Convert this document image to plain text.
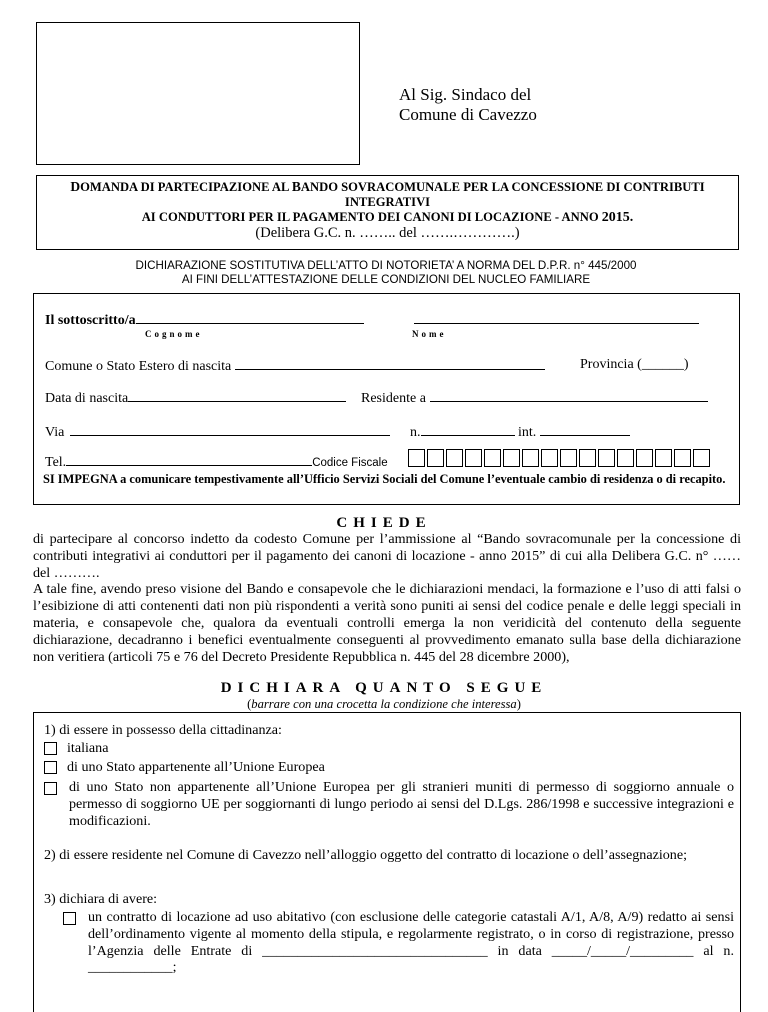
Al Sig. Sindaco del
Comune di Cavezzo
DOMANDA DI PARTECIPAZIONE AL BANDO SOVRACOMUNALE PER LA CONCESSIONE DI CONTRIBUTI
INTEGRATIVI
AI CONDUTTORI PER IL PAGAMENTO DEI CANONI DI LOCAZIONE - ANNO 2015.
(Delibera G.C. n. …….. del …….………….)
DICHIARAZIONE SOSTITUTIVA DELL’ATTO DI NOTORIETA’ A NORMA DEL D.P.R. n° 445/2000
AI FINI DELL’ATTESTAZIONE DELLE CONDIZIONI DEL NUCLEO FAMILIARE
Il sottoscritto/a
Cognome	Nome
Comune o Stato Estero di nascita	Provincia (______)
Data di nascita	Residente a
Via	n.	int.
Tel.	Codice Fiscale
SI IMPEGNA a comunicare tempestivamente all’Ufficio Servizi Sociali del Comune l’eventuale cambio di residenza o di recapito.
CHIEDE
di partecipare al concorso indetto da codesto Comune per l’ammissione al “Bando sovracomunale per la concessione di contributi integrativi ai conduttori per il pagamento dei canoni di locazione - anno 2015” di cui alla Delibera G.C. n° …… del ……….
A tale fine, avendo preso visione del Bando e consapevole che le dichiarazioni mendaci, la formazione e l’uso di atti falsi o l’esibizione di atti contenenti dati non più rispondenti a verità sono puniti ai sensi del codice penale e delle leggi speciali in materia, e consapevole che, qualora da eventuali controlli emerga la non veridicità del contenuto della seguente dichiarazione, decadranno i benefici eventualmente conseguenti al provvedimento emanato sulla base della dichiarazione non veritiera (articoli 75 e 76 del Decreto Presidente Repubblica n. 445 del 28 dicembre 2000),
DICHIARA QUANTO SEGUE
(barrare con una crocetta la condizione che interessa)
1) di essere in possesso della cittadinanza:
italiana
di uno Stato appartenente all’Unione Europea
di uno Stato non appartenente all’Unione Europea per gli stranieri muniti di permesso di soggiorno annuale o permesso di soggiorno UE per soggiornanti di lungo periodo ai sensi del D.Lgs. 286/1998 e successive integrazioni e modificazioni.
2) di essere residente nel Comune di Cavezzo nell’alloggio oggetto del contratto di locazione o dell’assegnazione;
3) dichiara di avere:
un contratto di locazione ad uso abitativo (con esclusione delle categorie catastali A/1, A/8, A/9) redatto ai sensi dell’ordinamento vigente al momento della stipula, e regolarmente registrato, o in corso di registrazione, presso l’Agenzia delle Entrate di ________________________________ in data _____/_____/_________ al n. ____________;
